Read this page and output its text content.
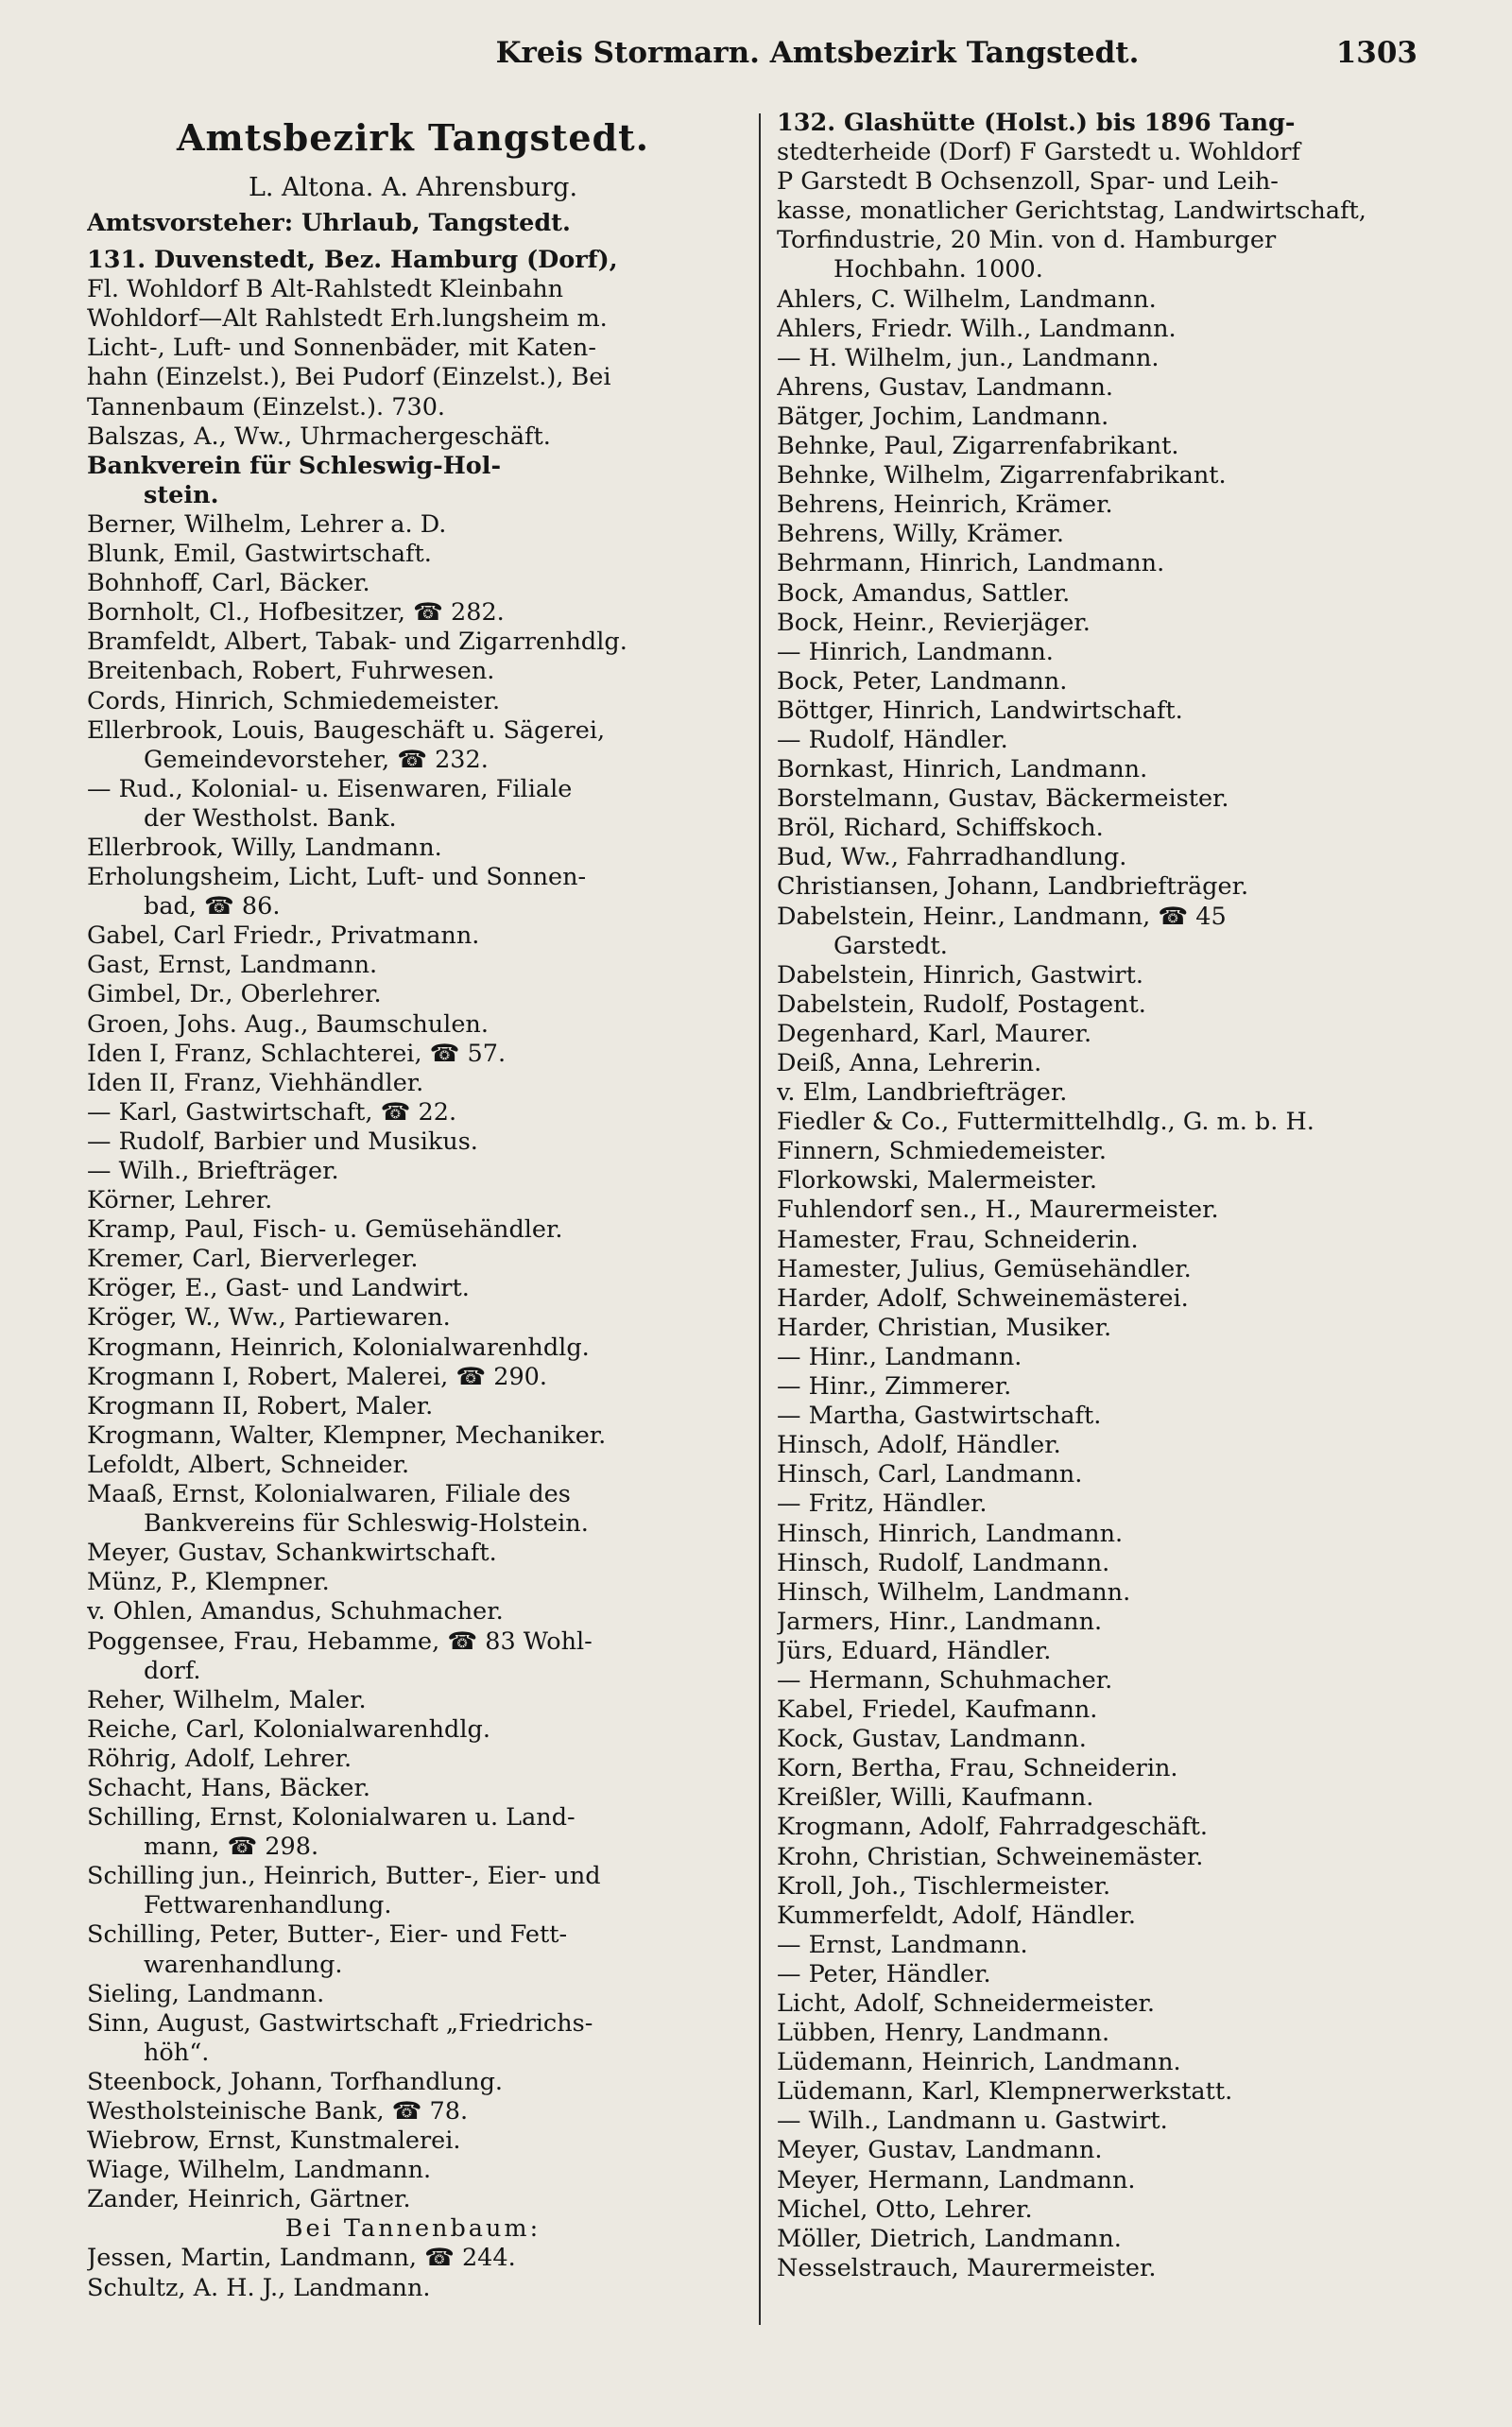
Kreis Stormarn. Amtsbezirk Tangstedt.	1303
Amtsbezirk Tangstedt.
L. Altona. A. Ahrensburg.
Amtsvorsteher: Uhrlaub, Tangstedt.
131. Duvenstedt, Bez. Hamburg (Dorf),
Fl. Wohldorf B Alt-Rahlstedt Kleinbahn
Wohldorf—Alt Rahlstedt Erh.lungsheim m.
Licht-, Luft- und Sonnenbäder, mit Katen-
hahn (Einzelst.), Bei Pudorf (Einzelst.), Bei
Tannenbaum (Einzelst.). 730.
Balszas, A., Ww., Uhrmachergeschäft.
Bankverein für Schleswig-Hol-
stein.
Berner, Wilhelm, Lehrer a. D.
Blunk, Emil, Gastwirtschaft.
Bohnhoff, Carl, Bäcker.
Bornholt, Cl., Hofbesitzer, ☎ 282.
Bramfeldt, Albert, Tabak- und Zigarrenhdlg.
Breitenbach, Robert, Fuhrwesen.
Cords, Hinrich, Schmiedemeister.
Ellerbrook, Louis, Baugeschäft u. Sägerei,
Gemeindevorsteher, ☎ 232.
— Rud., Kolonial- u. Eisenwaren, Filiale
der Westholst. Bank.
Ellerbrook, Willy, Landmann.
Erholungsheim, Licht, Luft- und Sonnen-
bad, ☎ 86.
Gabel, Carl Friedr., Privatmann.
Gast, Ernst, Landmann.
Gimbel, Dr., Oberlehrer.
Groen, Johs. Aug., Baumschulen.
Iden I, Franz, Schlachterei, ☎ 57.
Iden II, Franz, Viehhändler.
— Karl, Gastwirtschaft, ☎ 22.
— Rudolf, Barbier und Musikus.
— Wilh., Briefträger.
Körner, Lehrer.
Kramp, Paul, Fisch- u. Gemüsehändler.
Kremer, Carl, Bierverleger.
Kröger, E., Gast- und Landwirt.
Kröger, W., Ww., Partiewaren.
Krogmann, Heinrich, Kolonialwarenhdlg.
Krogmann I, Robert, Malerei, ☎ 290.
Krogmann II, Robert, Maler.
Krogmann, Walter, Klempner, Mechaniker.
Lefoldt, Albert, Schneider.
Maaß, Ernst, Kolonialwaren, Filiale des
Bankvereins für Schleswig-Holstein.
Meyer, Gustav, Schankwirtschaft.
Münz, P., Klempner.
v. Ohlen, Amandus, Schuhmacher.
Poggensee, Frau, Hebamme, ☎ 83 Wohl-
dorf.
Reher, Wilhelm, Maler.
Reiche, Carl, Kolonialwarenhdlg.
Röhrig, Adolf, Lehrer.
Schacht, Hans, Bäcker.
Schilling, Ernst, Kolonialwaren u. Land-
mann, ☎ 298.
Schilling jun., Heinrich, Butter-, Eier- und
Fettwarenhandlung.
Schilling, Peter, Butter-, Eier- und Fett-
warenhandlung.
Sieling, Landmann.
Sinn, August, Gastwirtschaft „Friedrichs-
höh“.
Steenbock, Johann, Torfhandlung.
Westholsteinische Bank, ☎ 78.
Wiebrow, Ernst, Kunstmalerei.
Wiage, Wilhelm, Landmann.
Zander, Heinrich, Gärtner.
Bei Tannenbaum:
Jessen, Martin, Landmann, ☎ 244.
Schultz, A. H. J., Landmann.
132. Glashütte (Holst.) bis 1896 Tang-
stedterheide (Dorf) F Garstedt u. Wohldorf
P Garstedt B Ochsenzoll, Spar- und Leih-
kasse, monatlicher Gerichtstag, Landwirtschaft,
Torfindustrie, 20 Min. von d. Hamburger
Hochbahn. 1000.
Ahlers, C. Wilhelm, Landmann.
Ahlers, Friedr. Wilh., Landmann.
— H. Wilhelm, jun., Landmann.
Ahrens, Gustav, Landmann.
Bätger, Jochim, Landmann.
Behnke, Paul, Zigarrenfabrikant.
Behnke, Wilhelm, Zigarrenfabrikant.
Behrens, Heinrich, Krämer.
Behrens, Willy, Krämer.
Behrmann, Hinrich, Landmann.
Bock, Amandus, Sattler.
Bock, Heinr., Revierjäger.
— Hinrich, Landmann.
Bock, Peter, Landmann.
Böttger, Hinrich, Landwirtschaft.
— Rudolf, Händler.
Bornkast, Hinrich, Landmann.
Borstelmann, Gustav, Bäckermeister.
Bröl, Richard, Schiffskoch.
Bud, Ww., Fahrradhandlung.
Christiansen, Johann, Landbriefträger.
Dabelstein, Heinr., Landmann, ☎ 45
Garstedt.
Dabelstein, Hinrich, Gastwirt.
Dabelstein, Rudolf, Postagent.
Degenhard, Karl, Maurer.
Deiß, Anna, Lehrerin.
v. Elm, Landbriefträger.
Fiedler & Co., Futtermittelhdlg., G. m. b. H.
Finnern, Schmiedemeister.
Florkowski, Malermeister.
Fuhlendorf sen., H., Maurermeister.
Hamester, Frau, Schneiderin.
Hamester, Julius, Gemüsehändler.
Harder, Adolf, Schweinemästerei.
Harder, Christian, Musiker.
— Hinr., Landmann.
— Hinr., Zimmerer.
— Martha, Gastwirtschaft.
Hinsch, Adolf, Händler.
Hinsch, Carl, Landmann.
— Fritz, Händler.
Hinsch, Hinrich, Landmann.
Hinsch, Rudolf, Landmann.
Hinsch, Wilhelm, Landmann.
Jarmers, Hinr., Landmann.
Jürs, Eduard, Händler.
— Hermann, Schuhmacher.
Kabel, Friedel, Kaufmann.
Kock, Gustav, Landmann.
Korn, Bertha, Frau, Schneiderin.
Kreißler, Willi, Kaufmann.
Krogmann, Adolf, Fahrradgeschäft.
Krohn, Christian, Schweinemäster.
Kroll, Joh., Tischlermeister.
Kummerfeldt, Adolf, Händler.
— Ernst, Landmann.
— Peter, Händler.
Licht, Adolf, Schneidermeister.
Lübben, Henry, Landmann.
Lüdemann, Heinrich, Landmann.
Lüdemann, Karl, Klempnerwerkstatt.
— Wilh., Landmann u. Gastwirt.
Meyer, Gustav, Landmann.
Meyer, Hermann, Landmann.
Michel, Otto, Lehrer.
Möller, Dietrich, Landmann.
Nesselstrauch, Maurermeister.
